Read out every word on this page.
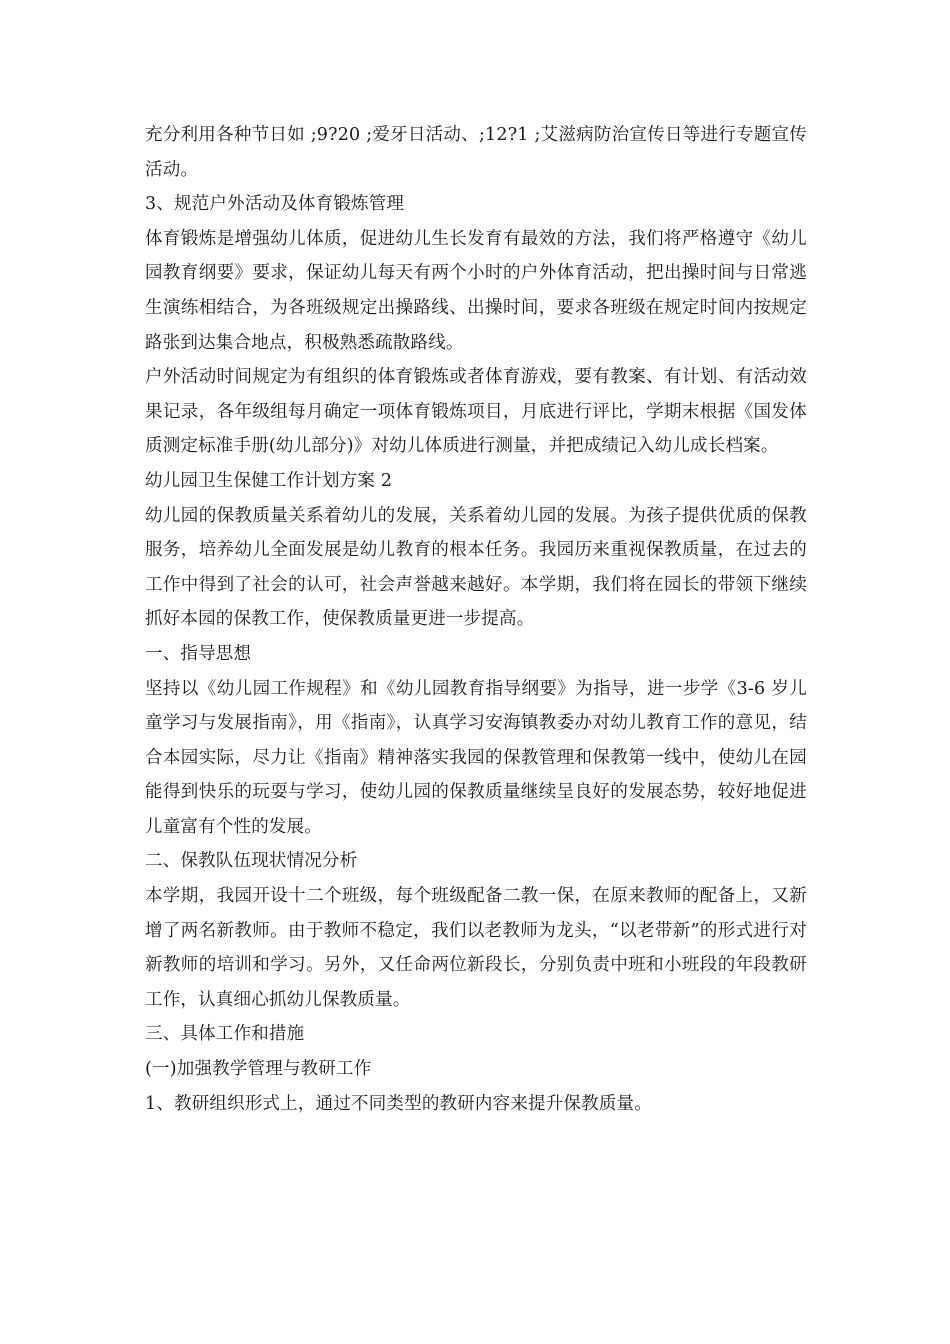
充分利用各种节日如 ;9?20 ;爱牙日活动、;12?1 ;艾滋病防治宣传日等进行专题宣传活动。

3、规范户外活动及体育锻炼管理

体育锻炼是增强幼儿体质，促进幼儿生长发育有最效的方法，我们将严格遵守《幼儿园教育纲要》要求，保证幼儿每天有两个小时的户外体育活动，把出操时间与日常逃生演练相结合，为各班级规定出操路线、出操时间，要求各班级在规定时间内按规定路张到达集合地点，积极熟悉疏散路线。

户外活动时间规定为有组织的体育锻炼或者体育游戏，要有教案、有计划、有活动效果记录，各年级组每月确定一项体育锻炼项目，月底进行评比，学期末根据《国发体质测定标准手册(幼儿部分)》对幼儿体质进行测量，并把成绩记入幼儿成长档案。

幼儿园卫生保健工作计划方案 2

幼儿园的保教质量关系着幼儿的发展，关系着幼儿园的发展。为孩子提供优质的保教服务，培养幼儿全面发展是幼儿教育的根本任务。我园历来重视保教质量，在过去的工作中得到了社会的认可，社会声誉越来越好。本学期，我们将在园长的带领下继续抓好本园的保教工作，使保教质量更进一步提高。

一、指导思想

坚持以《幼儿园工作规程》和《幼儿园教育指导纲要》为指导，进一步学《3-6 岁儿童学习与发展指南》，用《指南》，认真学习安海镇教委办对幼儿教育工作的意见，结合本园实际，尽力让《指南》精神落实我园的保教管理和保教第一线中，使幼儿在园能得到快乐的玩耍与学习，使幼儿园的保教质量继续呈良好的发展态势，较好地促进儿童富有个性的发展。

二、保教队伍现状情况分析

本学期，我园开设十二个班级，每个班级配备二教一保，在原来教师的配备上，又新增了两名新教师。由于教师不稳定，我们以老教师为龙头，“以老带新”的形式进行对新教师的培训和学习。另外，又任命两位新段长，分别负责中班和小班段的年段教研工作，认真细心抓幼儿保教质量。

三、具体工作和措施

(一)加强教学管理与教研工作

1、教研组织形式上，通过不同类型的教研内容来提升保教质量。
